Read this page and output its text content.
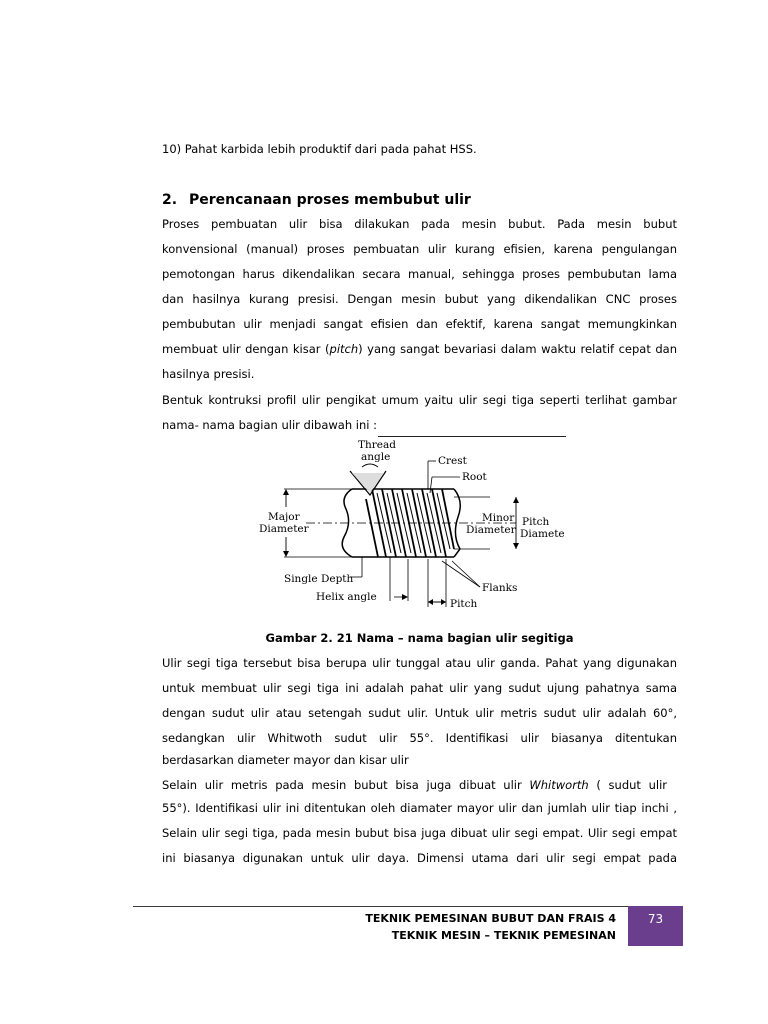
10) Pahat karbida lebih produktif dari pada pahat HSS.
2. Perencanaan proses membubut ulir
Proses pembuatan ulir bisa dilakukan pada mesin bubut. Pada mesin bubut
konvensional (manual) proses pembuatan ulir kurang efisien, karena pengulangan
pemotongan harus dikendalikan secara manual, sehingga proses pembubutan lama
dan hasilnya kurang presisi. Dengan mesin bubut yang dikendalikan CNC proses
pembubutan ulir menjadi sangat efisien dan efektif, karena sangat memungkinkan
membuat ulir dengan kisar (pitch) yang sangat bevariasi dalam waktu relatif cepat dan
hasilnya presisi.
Bentuk kontruksi profil ulir pengikat umum yaitu ulir segi tiga seperti terlihat gambar
nama- nama bagian ulir dibawah ini :
Thread
angle	Crest
Root
Major
Diameter
Minor
Diameter
Pitch
Diamete
Single Depth
Helix angle
Flanks
Pitch
Gambar 2. 21 Nama – nama bagian ulir segitiga
Ulir segi tiga tersebut bisa berupa ulir tunggal atau ulir ganda. Pahat yang digunakan
untuk membuat ulir segi tiga ini adalah pahat ulir yang sudut ujung pahatnya sama
dengan sudut ulir atau setengah sudut ulir. Untuk ulir metris sudut ulir adalah 60°,
sedangkan ulir Whitwoth sudut ulir 55°. Identifikasi ulir biasanya ditentukan
berdasarkan diameter mayor dan kisar ulir
Selain ulir metris pada mesin bubut bisa juga dibuat ulir Whitworth ( sudut ulir
55°). Identifikasi ulir ini ditentukan oleh diamater mayor ulir dan jumlah ulir tiap inchi ,
Selain ulir segi tiga, pada mesin bubut bisa juga dibuat ulir segi empat. Ulir segi empat
ini biasanya digunakan untuk ulir daya. Dimensi utama dari ulir segi empat pada
TEKNIK PEMESINAN BUBUT DAN FRAIS 4
TEKNIK MESIN – TEKNIK PEMESINAN
73
